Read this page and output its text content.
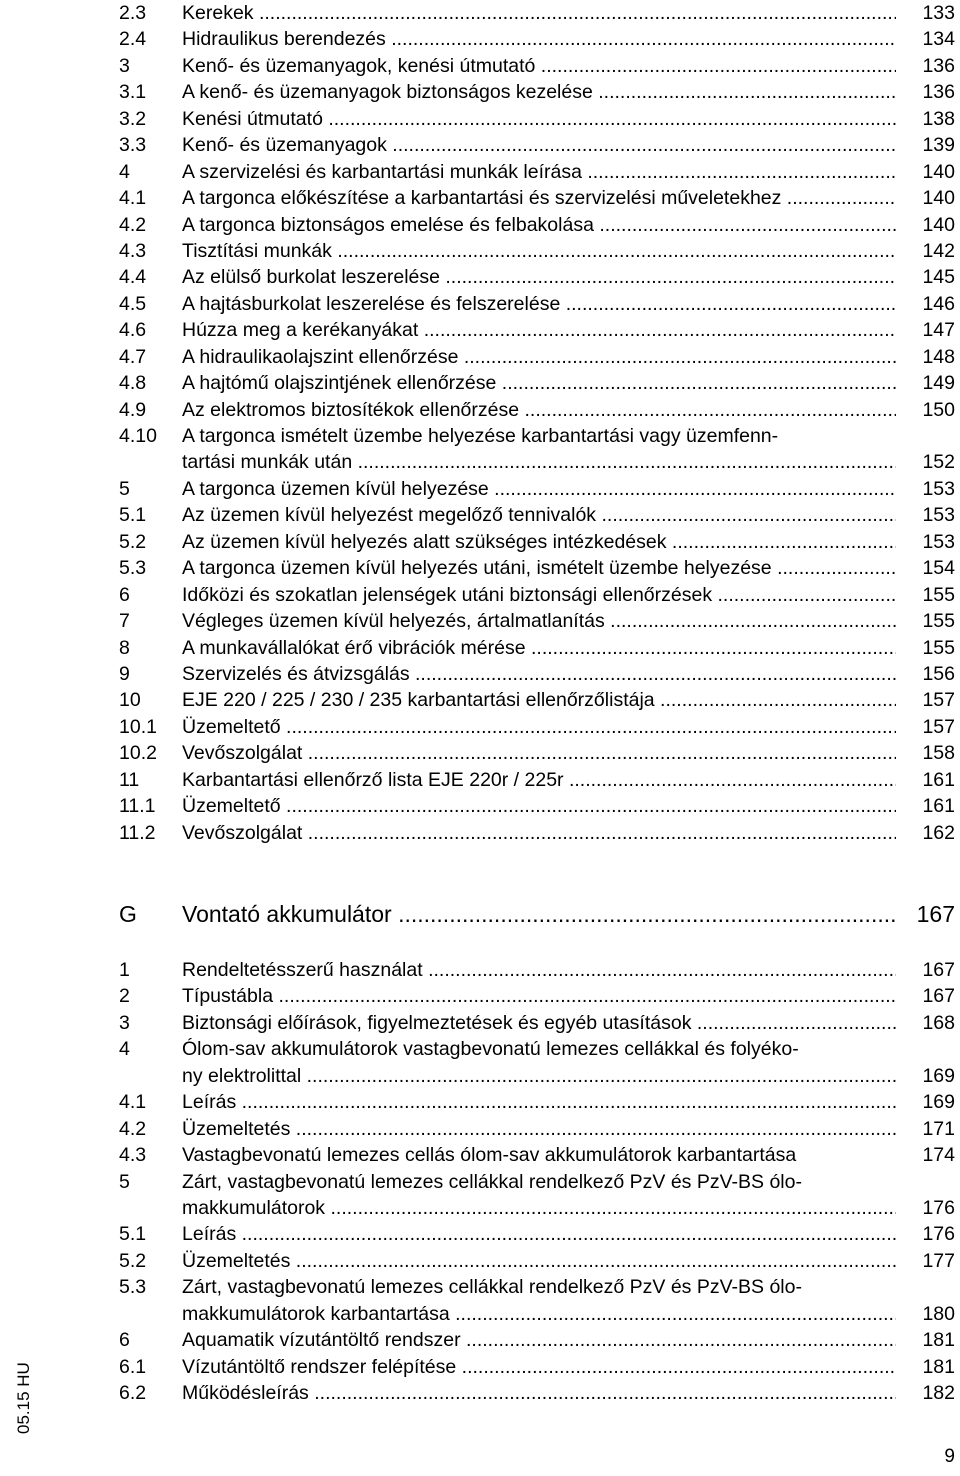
2.3 Kerekek .....	133
2.4 Hidraulikus berendezés .....	134
3	Kenő- és üzemanyagok, kenési útmutató .....	136
3.1 A kenő- és üzemanyagok biztonságos kezelése .....	136
3.2 Kenési útmutató .....	138
3.3 Kenő- és üzemanyagok .....	139
4	A szervizelési és karbantartási munkák leírása .....	140
4.1 A targonca előkészítése a karbantartási és szervizelési műveletekhez .....	140
4.2 A targonca biztonságos emelése és felbakolása .....	140
4.3 Tisztítási munkák .....	142
4.4 Az elülső burkolat leszerelése .....	145
4.5 A hajtásburkolat leszerelése és felszerelése .....	146
4.6 Húzza meg a kerékanyákat .....	147
4.7 A hidraulikaolajszint ellenőrzése .....	148
4.8 A hajtómű olajszintjének ellenőrzése .....	149
4.9 Az elektromos biztosítékok ellenőrzése .....	150
4.10 A targonca ismételt üzembe helyezése karbantartási vagy üzemfenn-
tartási munkák után .....	152
5	A targonca üzemen kívül helyezése .....	153
5.1 Az üzemen kívül helyezést megelőző tennivalók .....	153
5.2 Az üzemen kívül helyezés alatt szükséges intézkedések .....	153
5.3 A targonca üzemen kívül helyezés utáni, ismételt üzembe helyezése .....	154
6	Időközi és szokatlan jelenségek utáni biztonsági ellenőrzések .....	155
7	Végleges üzemen kívül helyezés, ártalmatlanítás .....	155
8	A munkavállalókat érő vibrációk mérése .....	155
9	Szervizelés és átvizsgálás .....	156
10 EJE 220 / 225 / 230 / 235 karbantartási ellenőrzőlistája .....	157
10.1 Üzemeltető .....	157
10.2 Vevőszolgálat .....	158
11 Karbantartási ellenőrző lista EJE 220r / 225r .....	161
11.1 Üzemeltető .....	161
11.2 Vevőszolgálat .....	162
G Vontató akkumulátor .....	167
1	Rendeltetésszerű használat .....	167
2	Típustábla .....	167
3	Biztonsági előírások, figyelmeztetések és egyéb utasítások .....	168
4	Ólom-sav akkumulátorok vastagbevonatú lemezes cellákkal és folyéko-
ny elektrolittal .....	169
4.1 Leírás .....	169
4.2 Üzemeltetés .....	171
4.3 Vastagbevonatú lemezes cellás ólom-sav akkumulátorok karbantartása	174
5	Zárt, vastagbevonatú lemezes cellákkal rendelkező PzV és PzV-BS ólo-
makkumulátorok .....	176
5.1 Leírás .....	176
5.2 Üzemeltetés .....	177
5.3 Zárt, vastagbevonatú lemezes cellákkal rendelkező PzV és PzV-BS ólo-
makkumulátorok karbantartása .....	180
6	Aquamatik vízutántöltő rendszer .....	181
6.1 Vízutántöltő rendszer felépítése .....	181
6.2 Működésleírás .....	182
05.15 HU
9
